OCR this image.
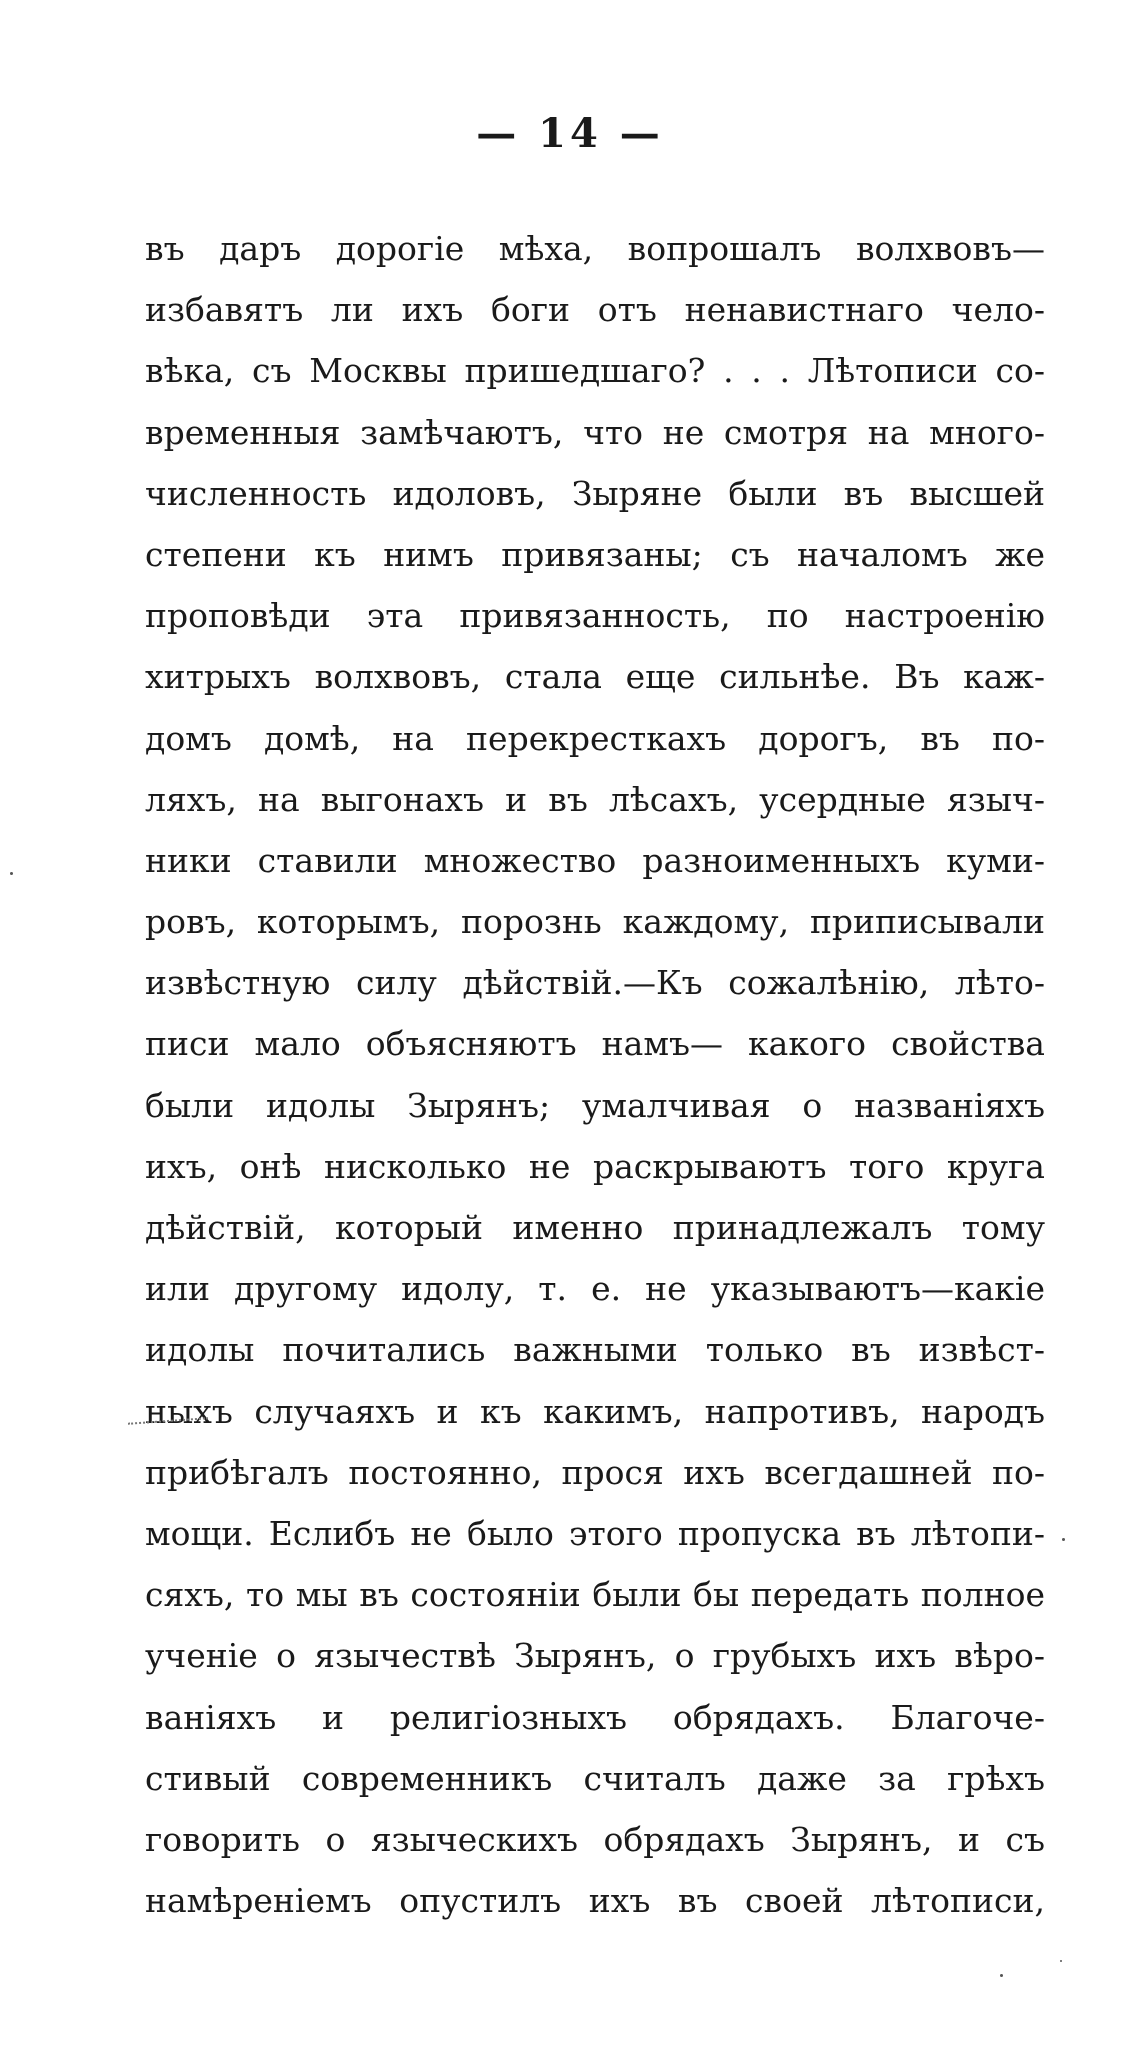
— 14 —
въ даръ дорогіе мѣха, вопрошалъ волхвовъ—
избавятъ ли ихъ боги отъ ненавистнаго чело-
вѣка, съ Москвы пришедшаго? . . . Лѣтописи со-
временныя замѣчаютъ, что не смотря на много-
численность идоловъ, Зыряне были въ высшей
степени къ нимъ привязаны; съ началомъ же
проповѣди эта привязанность, по настроенію
хитрыхъ волхвовъ, стала еще сильнѣе. Въ каж-
домъ домѣ, на перекресткахъ дорогъ, въ по-
ляхъ, на выгонахъ и въ лѣсахъ, усердные языч-
ники ставили множество разноименныхъ куми-
ровъ, которымъ, порознь каждому, приписывали
извѣстную силу дѣйствій.—Къ сожалѣнію, лѣто-
писи мало объясняютъ намъ— какого свойства
были идолы Зырянъ; умалчивая о названіяхъ
ихъ, онѣ нисколько не раскрываютъ того круга
дѣйствій, который именно принадлежалъ тому
или другому идолу, т. е. не указываютъ—какіе
идолы почитались важными только въ извѣст-
ныхъ случаяхъ и къ какимъ, напротивъ, народъ
прибѣгалъ постоянно, прося ихъ всегдашней по-
мощи. Еслибъ не было этого пропуска въ лѣтопи-
сяхъ, то мы въ состояніи были бы передать полное
ученіе о язычествѣ Зырянъ, о грубыхъ ихъ вѣро-
ваніяхъ и религіозныхъ обрядахъ. Благоче-
стивый современникъ считалъ даже за грѣхъ
говорить о языческихъ обрядахъ Зырянъ, и съ
намѣреніемъ опустилъ ихъ въ своей лѣтописи,
